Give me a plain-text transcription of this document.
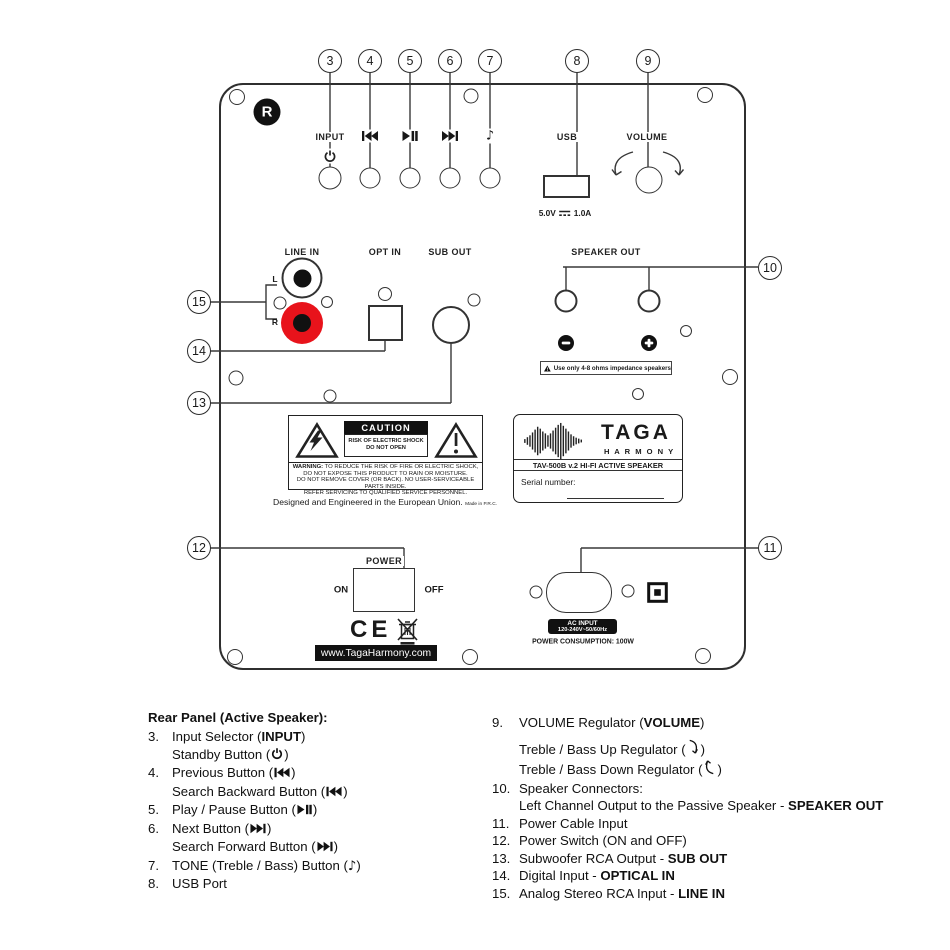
3	4	5	6	7	8	9
10
11
12
13
14
15
R
INPUT	♪	USB	VOLUME
5.0V 1.0A
LINE IN	OPT IN	SUB OUT	SPEAKER OUT
L
R
Use only 4-8 ohms impedance speakers
CAUTION
RISK OF ELECTRIC SHOCK
DO NOT OPEN
WARNING: TO REDUCE THE RISK OF FIRE OR ELECTRIC SHOCK,
DO NOT EXPOSE THIS PRODUCT TO RAIN OR MOISTURE.
DO NOT REMOVE COVER (OR BACK). NO USER-SERVICEABLE PARTS INSIDE.
REFER SERVICING TO QUALIFIED SERVICE PERSONNEL.
Designed and Engineered in the European Union. Made in P.R.C.
TAGA
H A R M O N Y
TAV-500B v.2 HI-FI ACTIVE SPEAKER
Serial number:
POWER
ON	OFF
CE
www.TagaHarmony.com
AC INPUT
120-240V~50/60Hz
POWER CONSUMPTION: 100W
Rear Panel (Active Speaker):
3. Input Selector (INPUT)
Standby Button ( )
4. Previous Button ( )
Search Backward Button ( )
5. Play / Pause Button ( )
6. Next Button ( )
Search Forward Button ( )
7. TONE (Treble / Bass) Button (♪)
8. USB Port
9.	VOLUME Regulator (VOLUME)
Treble / Bass Up Regulator ( )
Treble / Bass Down Regulator ( )
10. Speaker Connectors:
Left Channel Output to the Passive Speaker - SPEAKER OUT
11. Power Cable Input
12. Power Switch (ON and OFF)
13. Subwoofer RCA Output - SUB OUT
14. Digital Input - OPTICAL IN
15. Analog Stereo RCA Input - LINE IN
